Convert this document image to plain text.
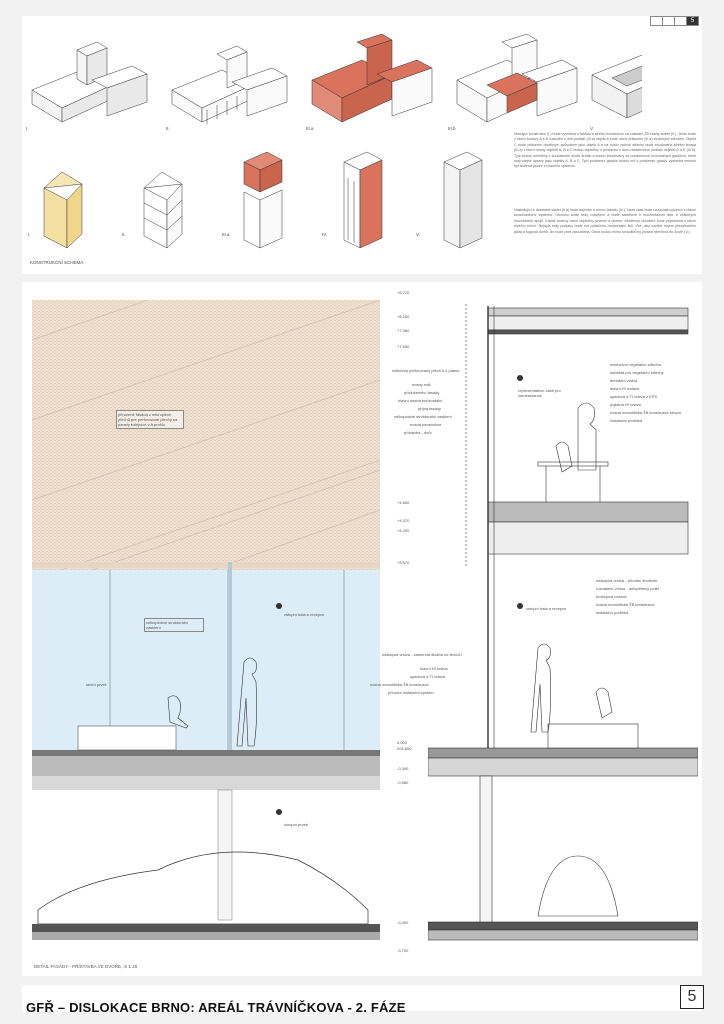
5
I.	II.	III.a	III.b	V.
I.	II.	III.a	IV.	V.
KONSTRUKČNÍ SCHÉMA
Stávající konstrukce (I.) bude vyřešena s fasádu a střešní konstrukce na základní ŽB nosný skelet (II.). Tento bude v rámci budovy A a B nadzděn o dvě podlaží (III.a) objekt A bude navíc přistavěn (III.a) ztuženými stěnami. Objekt C bude přistavěn obdélným způsobem jako objekt A a na místo vaťové střechy bude zbudována střešní terasa (III.a). Hlavní hmoty objektů A, B a C budou doplněny o přístavbu v dvou nadzemních podlaží objektů D a E (III.b). Tyto budou umístěny v současném dvoře areálu a budou zbudovány na podzemních hromadných garážích, které mají stejné úpravy jako objekty A, B a C. Tyto podzemní garáže budou mít k podzemní garáži, výstavba nemusí být tvořena pouze z nosného systému.
Následující o dostavbě skelet (II.a) bude doplněn o novou fasádu (IV.), která však bude nezávislá vyložení z hlavní konstrukčního systému. Obvodní bude tedy rozdělení a bude satelitové k horizontálním linie a veškerých možnostech spojů. Každé budovy navíc doplněny prvkem a okenní. Modelový zkoušení bude připravena v rámci lepšího tržení. Nejspíš tedy podlahy bude mít potlačenu horizontální linii. Vše, aby vzniklé dojem přesytnutého jádra a fugovat domů, lze bude plně zakončena. Okna budou mimo schodišťový prostor otevřená do dvoře (V.).
přirozeně fasáda z mikroplech plechů pre perforované plechy na panely kolejnice v A profilu
velkoplošné strukturální zasklení
sední prvek
sloupní prvek
vstupní hala a recepce
+8,720
+8,200
+7,960
+7,650
+4,650
+4,370
+4,200
+3,670
0,000
206,800
-0,390
-0,580
-3,400
-3,700
měkčený perforovaný plech tl.2 plátno
nosný rošt
příslušenství fasády
hlavní nosná horizontální
přípoj fasády
velkoplošné strukturální zasklení
nosná konstrukce
přístavba - dvůr
reprezentativní části pro zaměstnance
vstupní hala a recepce
extenzivní vegetační střecha
substrát pro vegetační střechy
drenážní vrstva
hlavní HI izolace
spádová a TI vrstva z EPS
pojistná HI vrstva
nosná monolitická ŽB konstrukce stropu
instalační podhled
nášlapná vrstva - přírodní linoleum
roznášecí vrstva - anhydritový potěr
kročejová izolace
nosná monolitická ŽB konstrukce
instalační podhled
nášlapná vrstva - kamenná dlažba na terčích
hlavní HI vrstva
spádová a TI vrstva
nosná monolitická ŽB konstrukce
přírodní instalační systém
DETAIL FASÁDY - PŘÍSTAVBA VE DVOŘE, m 1:20
GFŘ – DISLOKACE BRNO: AREÁL TRÁVNÍČKOVA - 2. FÁZE
5
